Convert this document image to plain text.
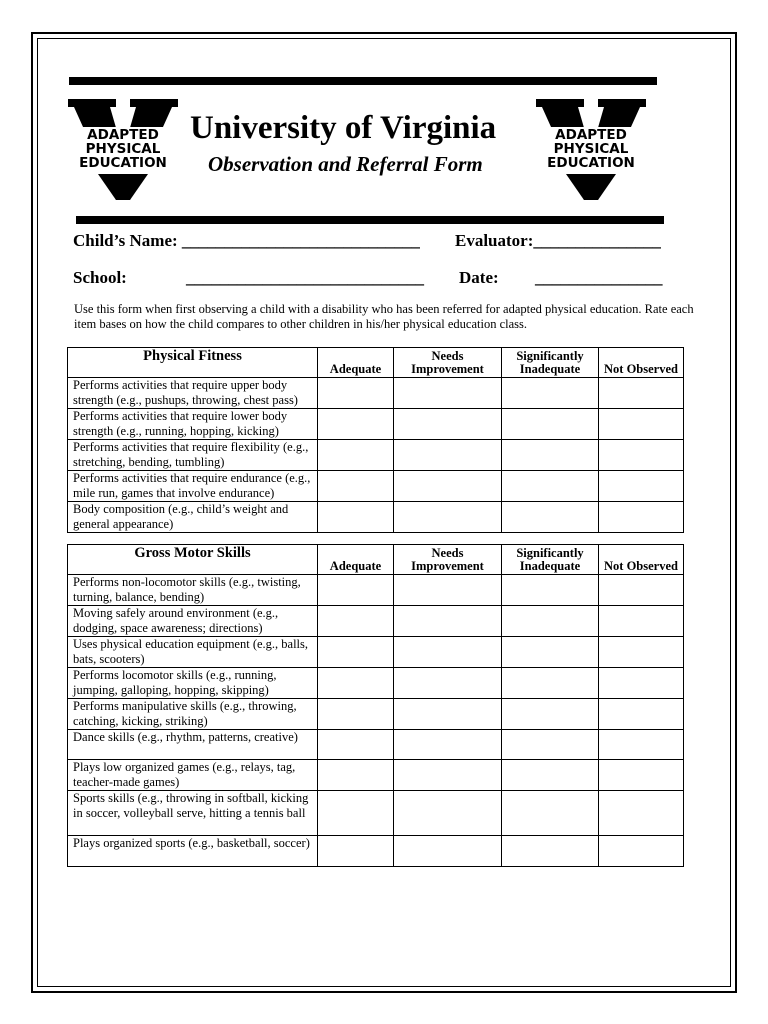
ADAPTED
PHYSICAL
EDUCATION
ADAPTED
PHYSICAL
EDUCATION
University of Virginia
Observation and Referral Form
Child’s Name: ____________________________ Evaluator:_______________
School:	____________________________ Date: _______________
Use this form when first observing a child with a disability who has been referred for adapted physical education. Rate each item bases on how the child compares to other children in his/her physical education class.
Physical Fitness	Adequate	Needs Improvement	Significantly Inadequate	Not Observed
Performs activities that require upper body strength (e.g., pushups, throwing, chest pass)				
Performs activities that require lower body strength (e.g., running, hopping, kicking)				
Performs activities that require flexibility (e.g., stretching, bending, tumbling)				
Performs activities that require endurance (e.g., mile run, games that involve endurance)				
Body composition (e.g., child’s weight and general appearance)				
Gross Motor Skills	Adequate	Needs Improvement	Significantly Inadequate	Not Observed
Performs non-locomotor skills (e.g., twisting, turning, balance, bending)				
Moving safely around environment (e.g., dodging, space awareness; directions)				
Uses physical education equipment (e.g., balls, bats, scooters)				
Performs locomotor skills (e.g., running, jumping, galloping, hopping, skipping)				
Performs manipulative skills (e.g., throwing, catching, kicking, striking)				
Dance skills (e.g., rhythm, patterns, creative)				
Plays low organized games (e.g., relays, tag, teacher-made games)				
Sports skills (e.g., throwing in softball, kicking in soccer, volleyball serve, hitting a tennis ball				
Plays organized sports (e.g., basketball, soccer)				
